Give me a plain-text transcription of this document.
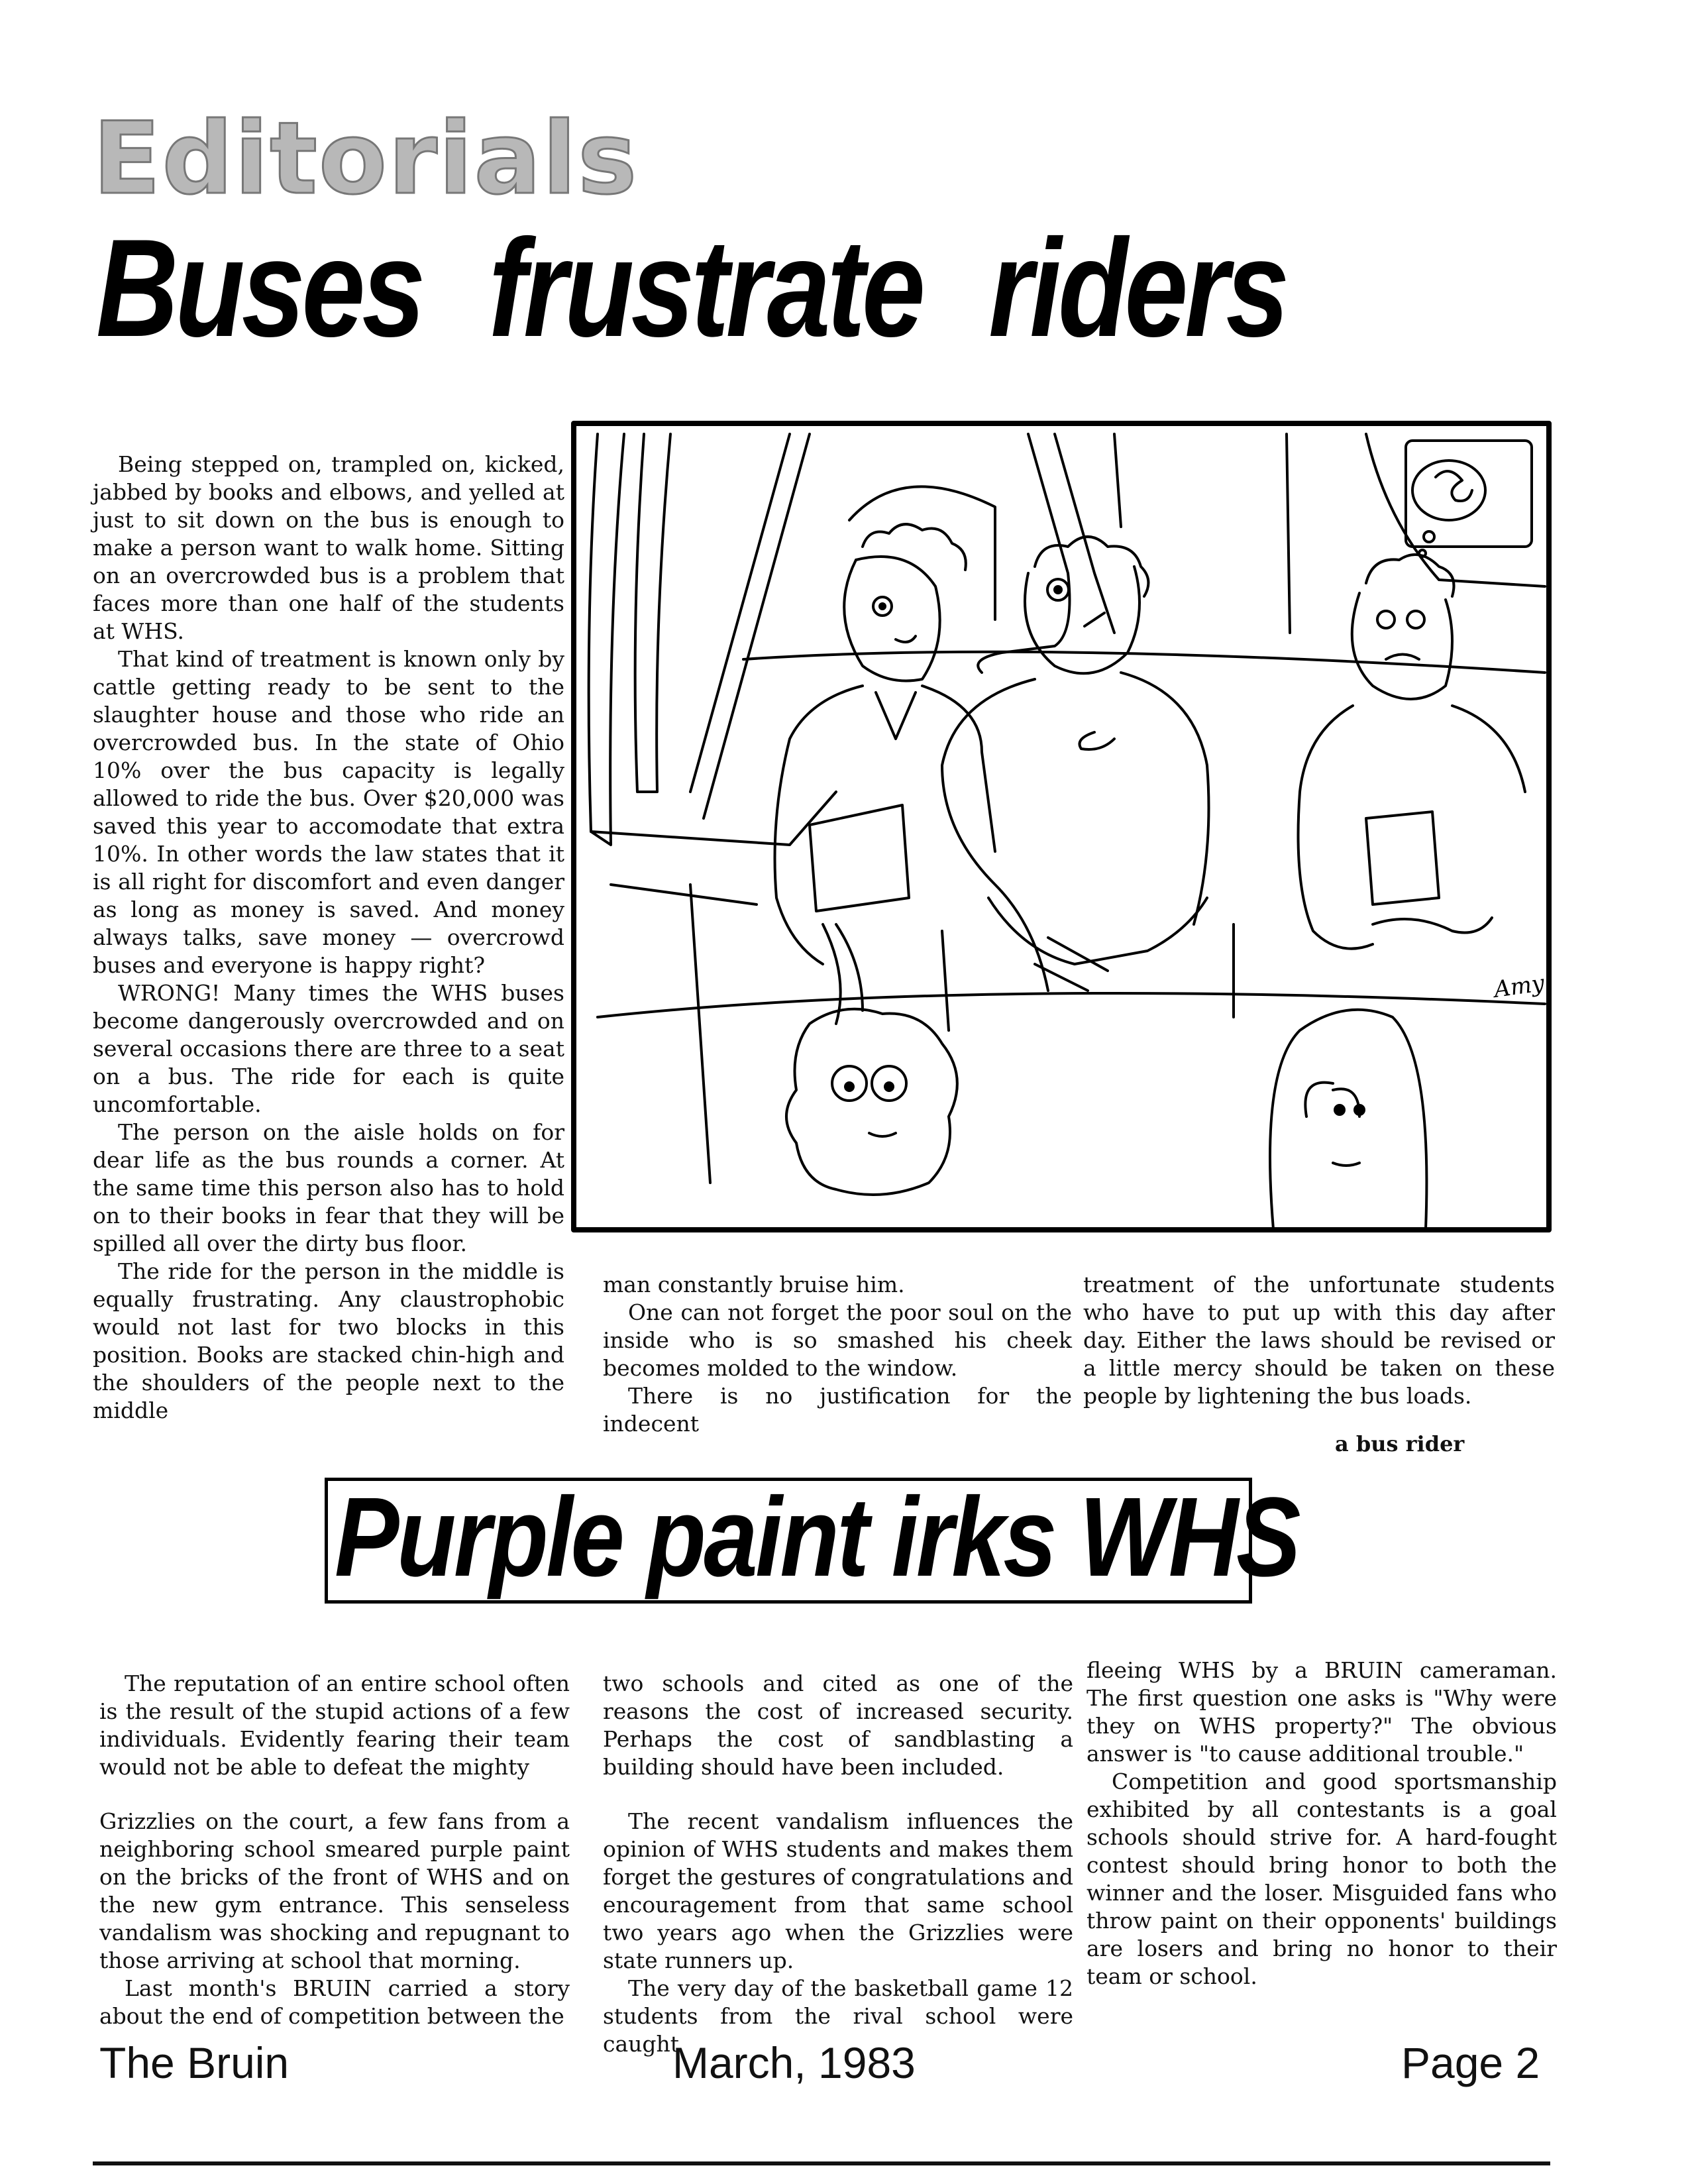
Editorials
Buses frustrate riders

Being stepped on, trampled on, kicked, jabbed by books and elbows, and yelled at just to sit down on the bus is enough to make a person want to walk home. Sitting on an overcrowded bus is a problem that faces more than one half of the students at WHS.

That kind of treatment is known only by cattle getting ready to be sent to the slaughter house and those who ride an overcrowded bus. In the state of Ohio 10% over the bus capacity is legally allowed to ride the bus. Over $20,000 was saved this year to accomodate that extra 10%. In other words the law states that it is all right for discomfort and even danger as long as money is saved. And money always talks, save money — overcrowd buses and everyone is happy right?

WRONG! Many times the WHS buses become dangerously overcrowded and on several occasions there are three to a seat on a bus. The ride for each is quite uncomfortable.

The person on the aisle holds on for dear life as the bus rounds a corner. At the same time this person also has to hold on to their books in fear that they will be spilled all over the dirty bus floor.

The ride for the person in the middle is equally frustrating. Any claustrophobic would not last for two blocks in this position. Books are stacked chin-high and the shoulders of the people next to the middle

Amy

man constantly bruise him.

One can not forget the poor soul on the inside who is so smashed his cheek becomes molded to the window.

There is no justification for the indecent

treatment of the unfortunate students who have to put up with this day after day. Either the laws should be revised or a little mercy should be taken on these people by lightening the bus loads.

a bus rider

Purple paint irks WHS

The reputation of an entire school often is the result of the stupid actions of a few individuals. Evidently fearing their team would not be able to defeat the mighty

Grizzlies on the court, a few fans from a neighboring school smeared purple paint on the bricks of the front of WHS and on the new gym entrance. This senseless vandalism was shocking and repugnant to those arriving at school that morning.

Last month's BRUIN carried a story about the end of competition between the

two schools and cited as one of the reasons the cost of increased security. Perhaps the cost of sandblasting a building should have been included.

The recent vandalism influences the opinion of WHS students and makes them forget the gestures of congratulations and encouragement from that same school two years ago when the Grizzlies were state runners up.

The very day of the basketball game 12 students from the rival school were caught

fleeing WHS by a BRUIN cameraman. The first question one asks is "Why were they on WHS property?" The obvious answer is "to cause additional trouble."

Competition and good sportsmanship exhibited by all contestants is a goal schools should strive for. A hard-fought contest should bring honor to both the winner and the loser. Misguided fans who throw paint on their opponents' buildings are losers and bring no honor to their team or school.

The Bruin	March, 1983	Page 2
